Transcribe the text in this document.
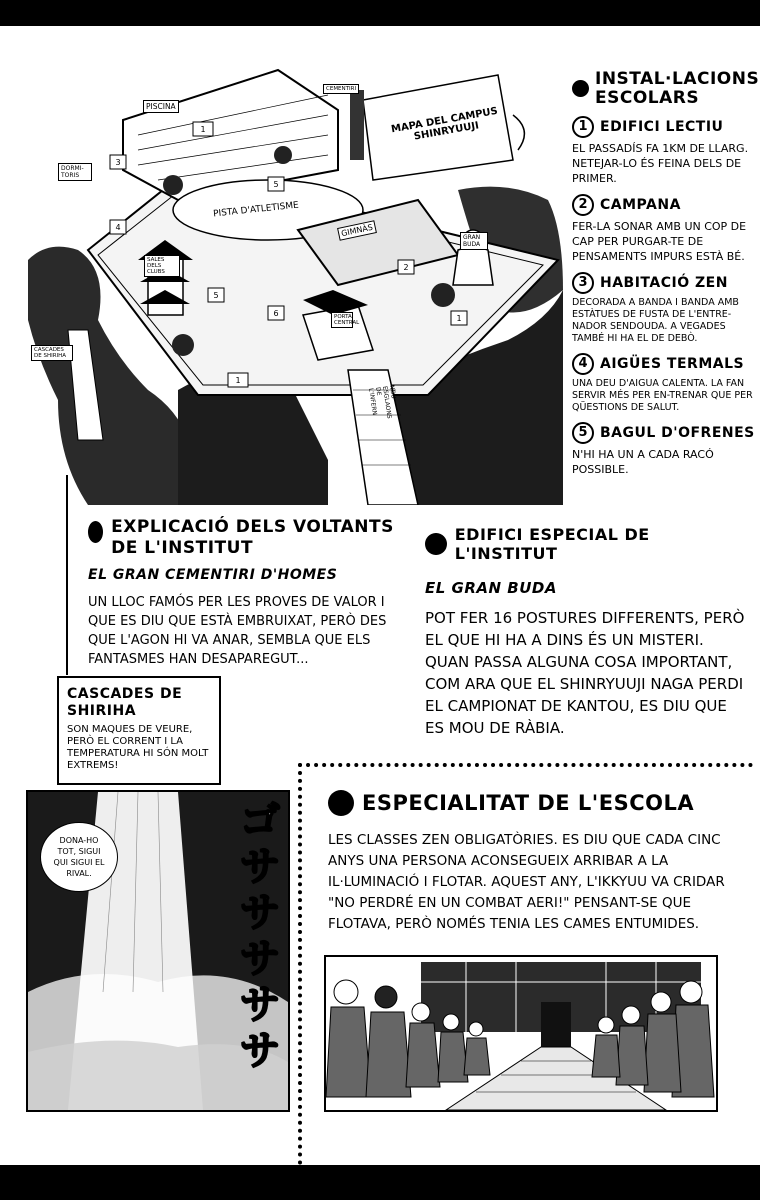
1
3
5
4
2
5
6
1
1
PISCINA
CEMENTIRI
DORMI-TORIS
PISTA D'ATLETISME
GIMNÀS	GRAN BUDA
SALES DELS CLUBS
PORTA CENTRAL
NOU ESGLAONS DE L'INFERN
CASCADES DE SHIRIHA
MAPA DEL CAMPUS SHINRYUUJI
INSTAL·LACIONS ESCOLARS
1 EDIFICI LECTIU
EL PASSADÍS FA 1KM DE LLARG. NETEJAR-LO ÉS FEINA DELS DE PRIMER.
2 CAMPANA
FER-LA SONAR AMB UN COP DE CAP PER PURGAR-TE DE PENSAMENTS IMPURS ESTÀ BÉ.
3 HABITACIÓ ZEN
DECORADA A BANDA I BANDA AMB ESTÀTUES DE FUSTA DE L'ENTRE-NADOR SENDOUDA. A VEGADES TAMBÉ HI HA EL DE DEBÒ.
4 AIGÜES TERMALS
UNA DEU D'AIGUA CALENTA. LA FAN SERVIR MÉS PER EN-TRENAR QUE PER QÜESTIONS DE SALUT.
5 BAGUL D'OFRENES
N'HI HA UN A CADA RACÓ POSSIBLE.
EXPLICACIÓ DELS VOLTANTS DE L'INSTITUT
EL GRAN CEMENTIRI D'HOMES
UN LLOC FAMÓS PER LES PROVES DE VALOR I QUE ES DIU QUE ESTÀ EMBRUIXAT, PERÒ DES QUE L'AGON HI VA ANAR, SEMBLA QUE ELS FANTASMES HAN DESAPAREGUT...
EDIFICI ESPECIAL DE L'INSTITUT
EL GRAN BUDA
POT FER 16 POSTURES DIFFERENTS, PERÒ EL QUE HI HA A DINS ÉS UN MISTERI. QUAN PASSA ALGUNA COSA IMPORTANT, COM ARA QUE EL SHINRYUUJI NAGA PERDI EL CAMPIONAT DE KANTOU, ES DIU QUE ES MOU DE RÀBIA.
CASCADES DE SHIRIHA
SON MAQUES DE VEURE, PERÒ EL CORRENT I LA TEMPERATURA HI SÓN MOLT EXTREMS!
DONA-HO TOT, SIGUI QUI SIGUI EL RIVAL.
ゴサササササ
ESPECIALITAT DE L'ESCOLA
LES CLASSES ZEN OBLIGATÒRIES. ES DIU QUE CADA CINC ANYS UNA PERSONA ACONSEGUEIX ARRIBAR A LA IL·LUMINACIÓ I FLOTAR. AQUEST ANY, L'IKKYUU VA CRIDAR "NO PERDRÉ EN UN COMBAT AERI!" PENSANT-SE QUE FLOTAVA, PERÒ NOMÉS TENIA LES CAMES ENTUMIDES.
